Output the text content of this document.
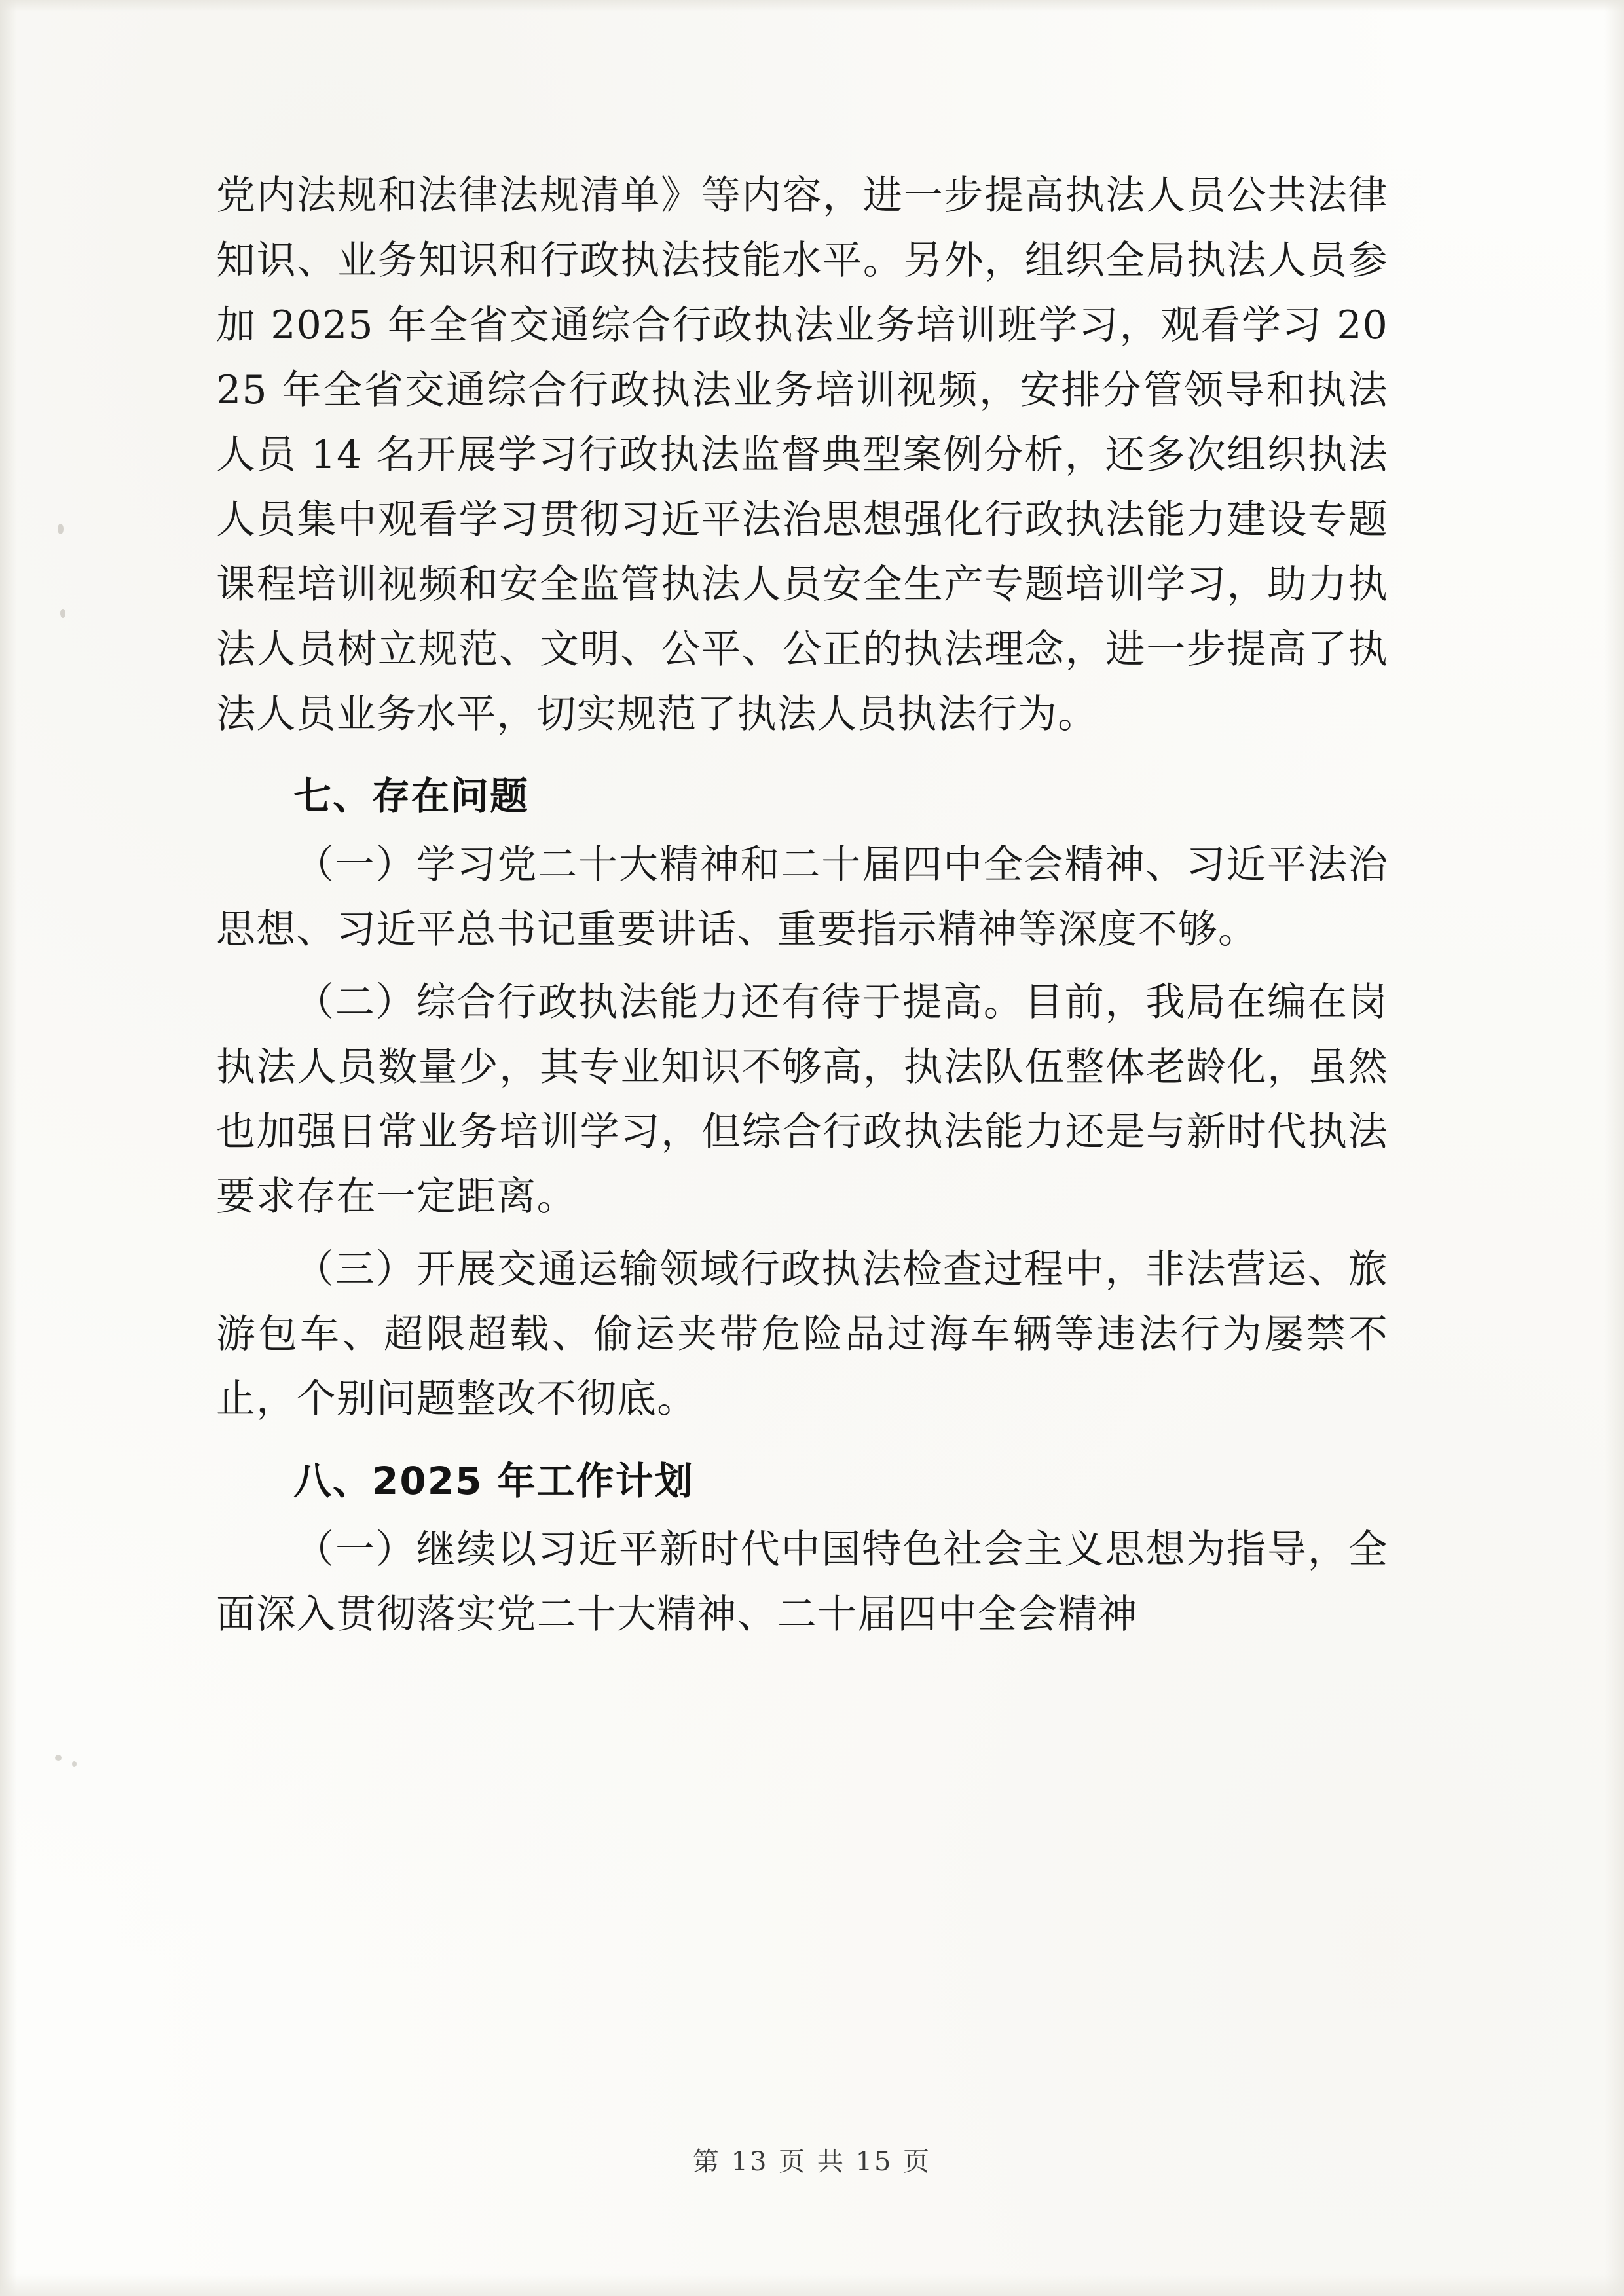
党内法规和法律法规清单》等内容，进一步提高执法人员公共法律知识、业务知识和行政执法技能水平。另外，组织全局执法人员参加 2025 年全省交通综合行政执法业务培训班学习，观看学习 2025 年全省交通综合行政执法业务培训视频，安排分管领导和执法人员 14 名开展学习行政执法监督典型案例分析，还多次组织执法人员集中观看学习贯彻习近平法治思想强化行政执法能力建设专题课程培训视频和安全监管执法人员安全生产专题培训学习，助力执法人员树立规范、文明、公平、公正的执法理念，进一步提高了执法人员业务水平，切实规范了执法人员执法行为。

七、存在问题

（一）学习党二十大精神和二十届四中全会精神、习近平法治思想、习近平总书记重要讲话、重要指示精神等深度不够。

（二）综合行政执法能力还有待于提高。目前，我局在编在岗执法人员数量少，其专业知识不够高，执法队伍整体老龄化，虽然也加强日常业务培训学习，但综合行政执法能力还是与新时代执法要求存在一定距离。

（三）开展交通运输领域行政执法检查过程中，非法营运、旅游包车、超限超载、偷运夹带危险品过海车辆等违法行为屡禁不止，个别问题整改不彻底。

八、2025 年工作计划

（一）继续以习近平新时代中国特色社会主义思想为指导，全面深入贯彻落实党二十大精神、二十届四中全会精神

第 13 页 共 15 页
